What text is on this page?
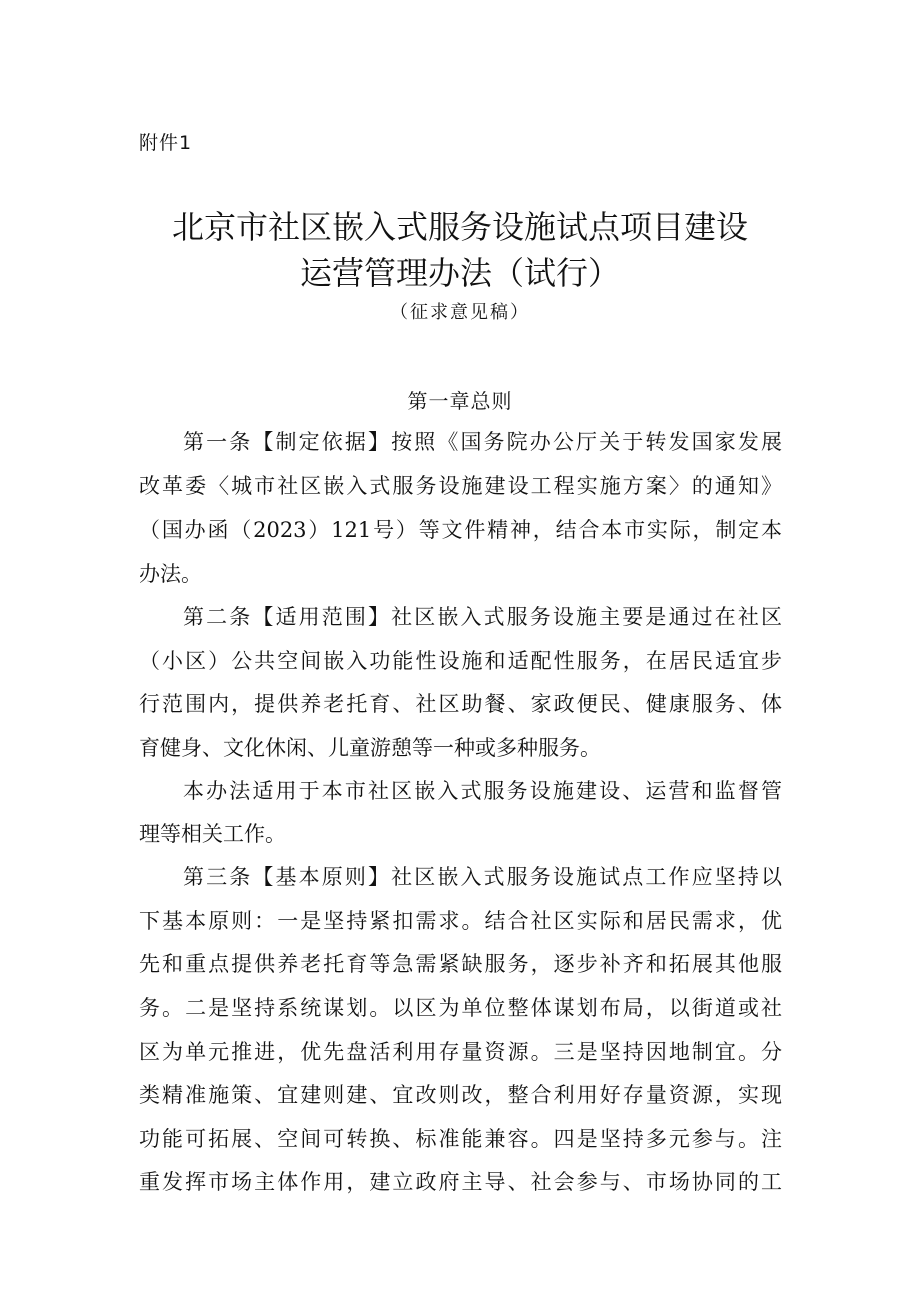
附件1
北京市社区嵌入式服务设施试点项目建设
运营管理办法（试行）
（征求意见稿）
第一章总则
第一条【制定依据】按照《国务院办公厅关于转发国家发展
改革委〈城市社区嵌入式服务设施建设工程实施方案〉的通知》
（国办函（2023）121号）等文件精神，结合本市实际，制定本
办法。
第二条【适用范围】社区嵌入式服务设施主要是通过在社区
（小区）公共空间嵌入功能性设施和适配性服务，在居民适宜步
行范围内，提供养老托育、社区助餐、家政便民、健康服务、体
育健身、文化休闲、儿童游憩等一种或多种服务。
本办法适用于本市社区嵌入式服务设施建设、运营和监督管
理等相关工作。
第三条【基本原则】社区嵌入式服务设施试点工作应坚持以
下基本原则：一是坚持紧扣需求。结合社区实际和居民需求，优
先和重点提供养老托育等急需紧缺服务，逐步补齐和拓展其他服
务。二是坚持系统谋划。以区为单位整体谋划布局，以街道或社
区为单元推进，优先盘活利用存量资源。三是坚持因地制宜。分
类精准施策、宜建则建、宜改则改，整合利用好存量资源，实现
功能可拓展、空间可转换、标准能兼容。四是坚持多元参与。注
重发挥市场主体作用，建立政府主导、社会参与、市场协同的工
